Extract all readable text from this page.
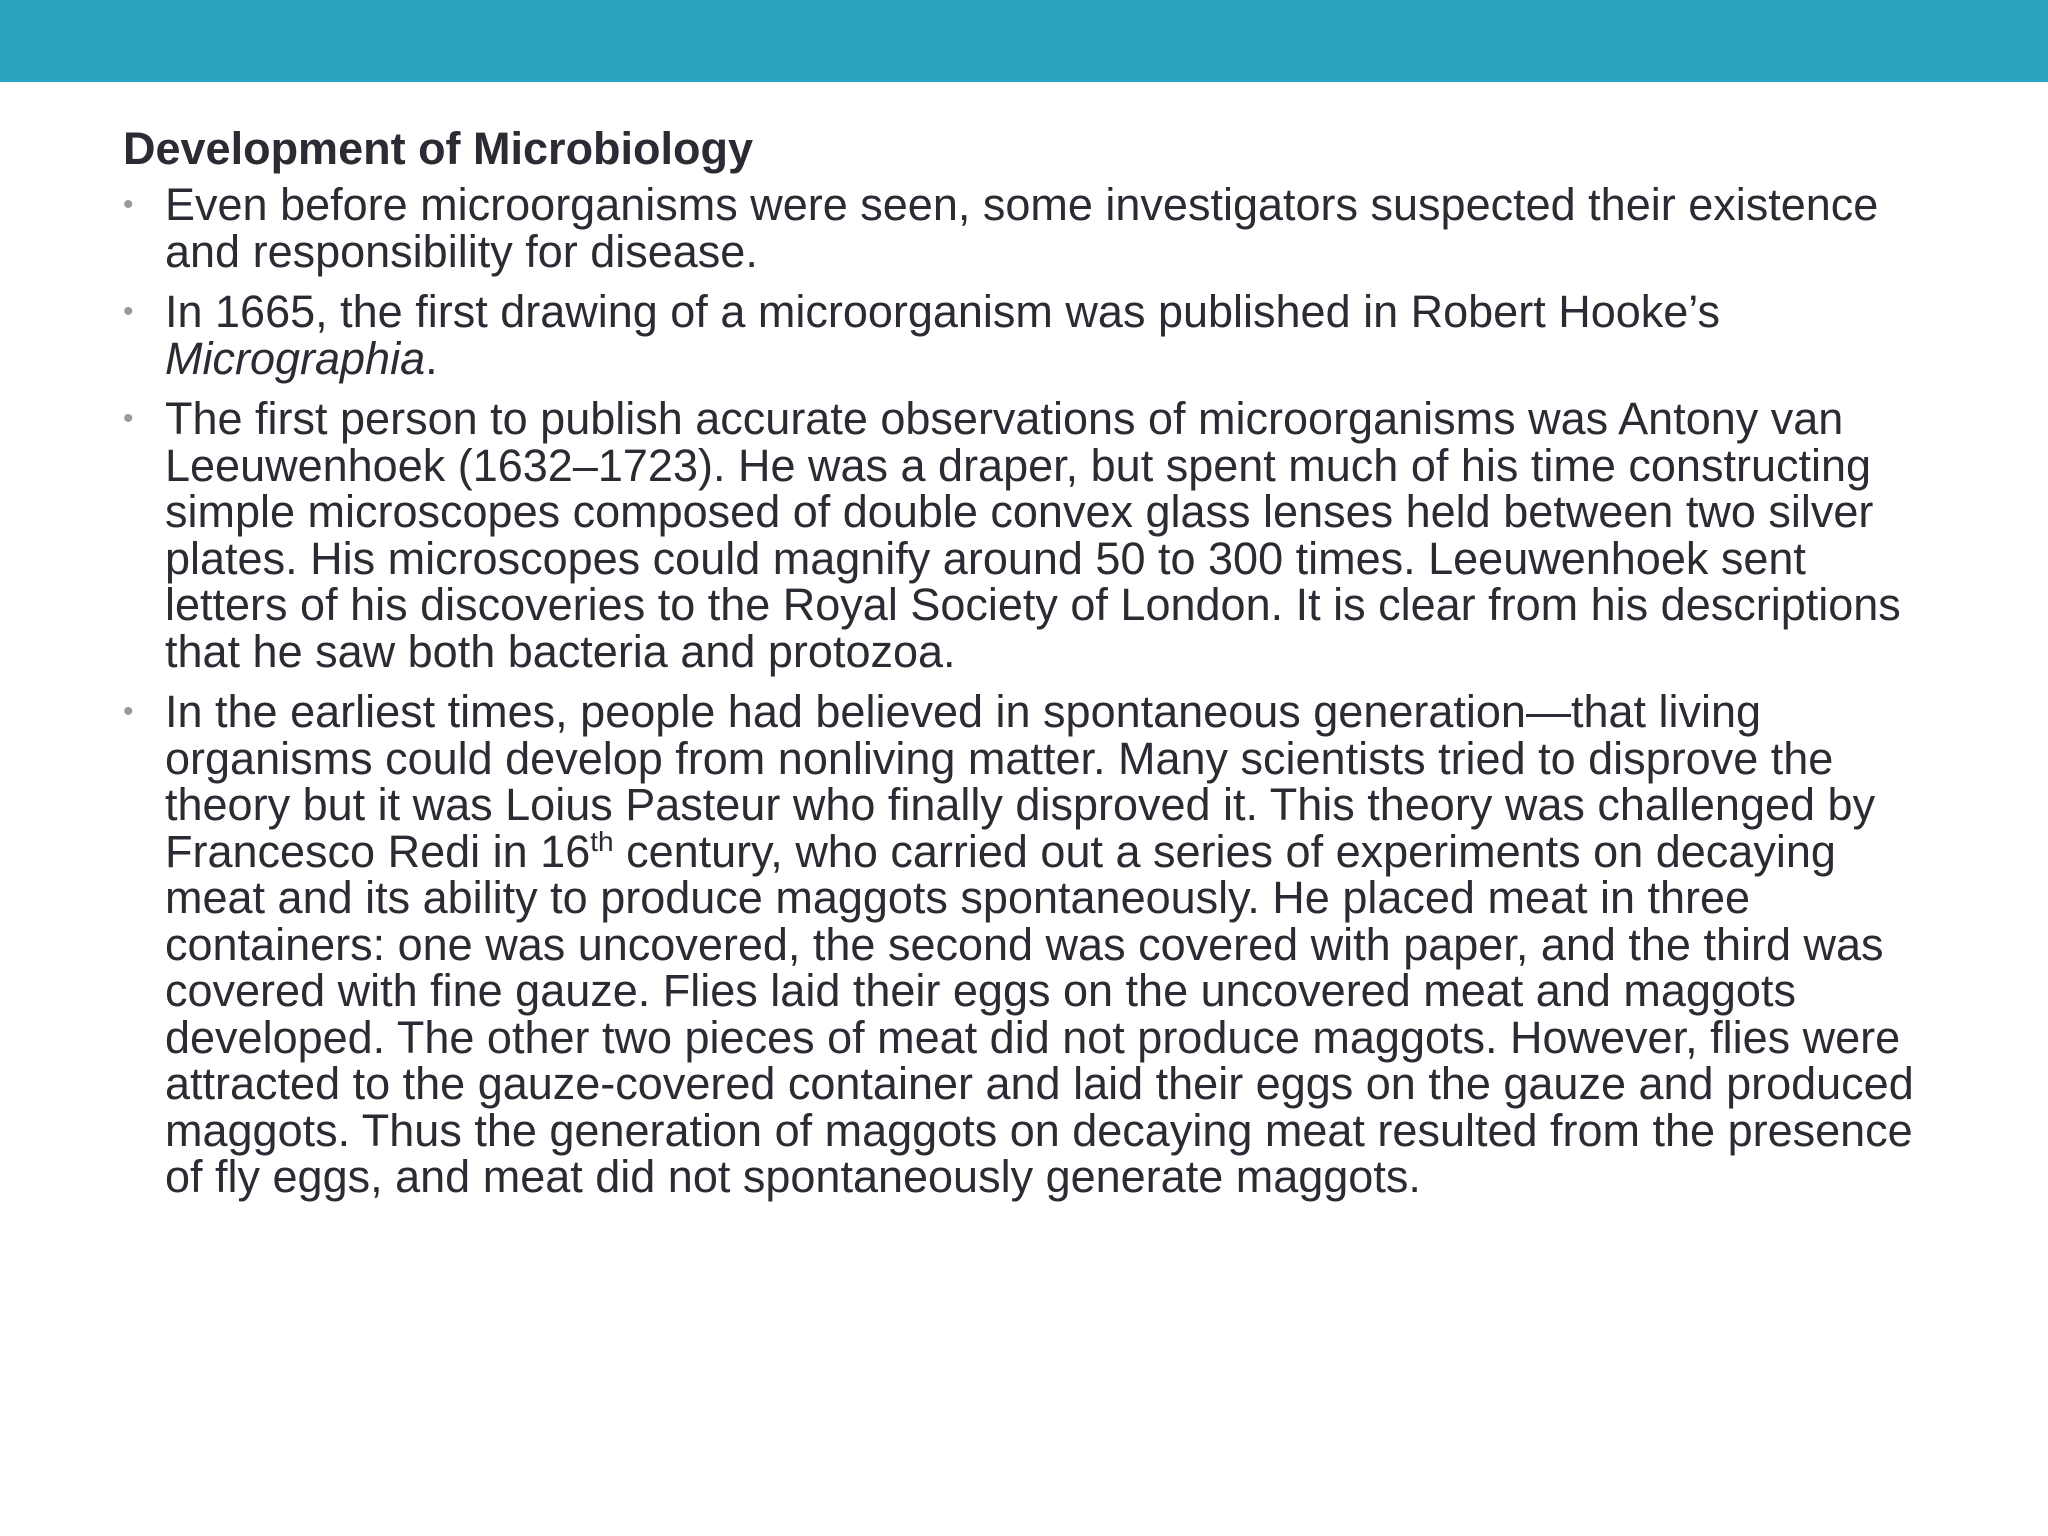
Development of Microbiology
• Even before microorganisms were seen, some investigators suspected their existence and responsibility for disease.
• In 1665, the first drawing of a microorganism was published in Robert Hooke’s Micrographia.
• The first person to publish accurate observations of microorganisms was Antony van Leeuwenhoek (1632–1723). He was a draper, but spent much of his time constructing simple microscopes composed of double convex glass lenses held between two silver plates. His microscopes could magnify around 50 to 300 times. Leeuwenhoek sent letters of his discoveries to the Royal Society of London. It is clear from his descriptions that he saw both bacteria and protozoa.
• In the earliest times, people had believed in spontaneous generation—that living organisms could develop from nonliving matter. Many scientists tried to disprove the theory but it was Loius Pasteur who finally disproved it. This theory was challenged by Francesco Redi in 16th century, who carried out a series of experiments on decaying meat and its ability to produce maggots spontaneously. He placed meat in three containers: one was uncovered, the second was covered with paper, and the third was covered with fine gauze. Flies laid their eggs on the uncovered meat and maggots developed. The other two pieces of meat did not produce maggots. However, flies were attracted to the gauze-covered container and laid their eggs on the gauze and produced maggots. Thus the generation of maggots on decaying meat resulted from the presence of fly eggs, and meat did not spontaneously generate maggots.
